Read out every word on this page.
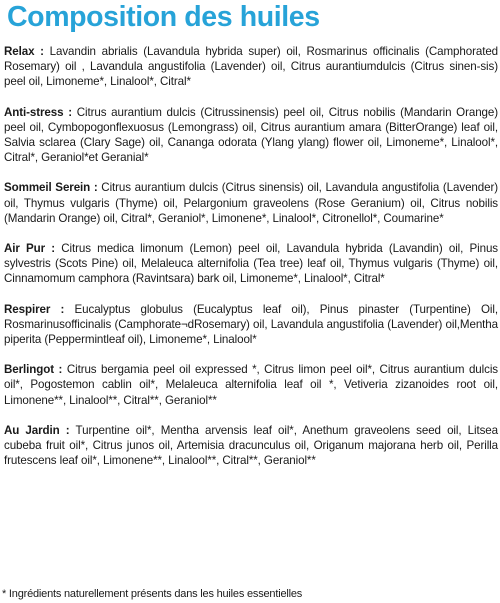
Composition des huiles

Relax : Lavandin abrialis (Lavandula hybrida super) oil, Rosmarinus officinalis (Camphorated Rosemary) oil , Lavandula angustifolia (Lavender) oil, Citrus aurantiumdulcis (Citrus sinen-sis) peel oil, Limoneme*, Linalool*, Citral*

Anti-stress : Citrus aurantium dulcis (Citrussinensis) peel oil, Citrus nobilis (Mandarin Orange) peel oil, Cymbopogonflexuosus (Lemongrass) oil, Citrus aurantium amara (BitterOrange) leaf oil, Salvia sclarea (Clary Sage) oil, Cananga odorata (Ylang ylang) flower oil, Limoneme*, Linalool*, Citral*, Geraniol*et Geranial*

Sommeil Serein : Citrus aurantium dulcis (Citrus sinensis) oil, Lavandula angustifolia (Lavender) oil, Thymus vulgaris (Thyme) oil, Pelargonium graveolens (Rose Geranium) oil, Citrus nobilis (Mandarin Orange) oil, Citral*, Geraniol*, Limonene*, Linalool*, Citronellol*, Coumarine*

Air Pur : Citrus medica limonum (Lemon) peel oil, Lavandula hybrida (Lavandin) oil, Pinus sylvestris (Scots Pine) oil, Melaleuca alternifolia (Tea tree) leaf oil, Thymus vulgaris (Thyme) oil, Cinnamomum camphora (Ravintsara) bark oil, Limoneme*, Linalool*, Citral*

Respirer : Eucalyptus globulus (Eucalyptus leaf oil), Pinus pinaster (Turpentine) Oil, Rosmarinusofficinalis (Camphorate¬dRosemary) oil, Lavandula angustifolia (Lavender) oil,Mentha piperita (Peppermintleaf oil), Limoneme*, Linalool*

Berlingot : Citrus bergamia peel oil expressed *, Citrus limon peel oil*, Citrus aurantium dulcis oil*, Pogostemon cablin oil*, Melaleuca alternifolia leaf oil *, Vetiveria zizanoides root oil, Limonene**, Linalool**, Citral**, Geraniol**

Au Jardin : Turpentine oil*, Mentha arvensis leaf oil*, Anethum graveolens seed oil, Litsea cubeba fruit oil*, Citrus junos oil, Artemisia dracunculus oil, Origanum majorana herb oil, Perilla frutescens leaf oil*, Limonene**, Linalool**, Citral**, Geraniol**

* Ingrédients naturellement présents dans les huiles essentielles
